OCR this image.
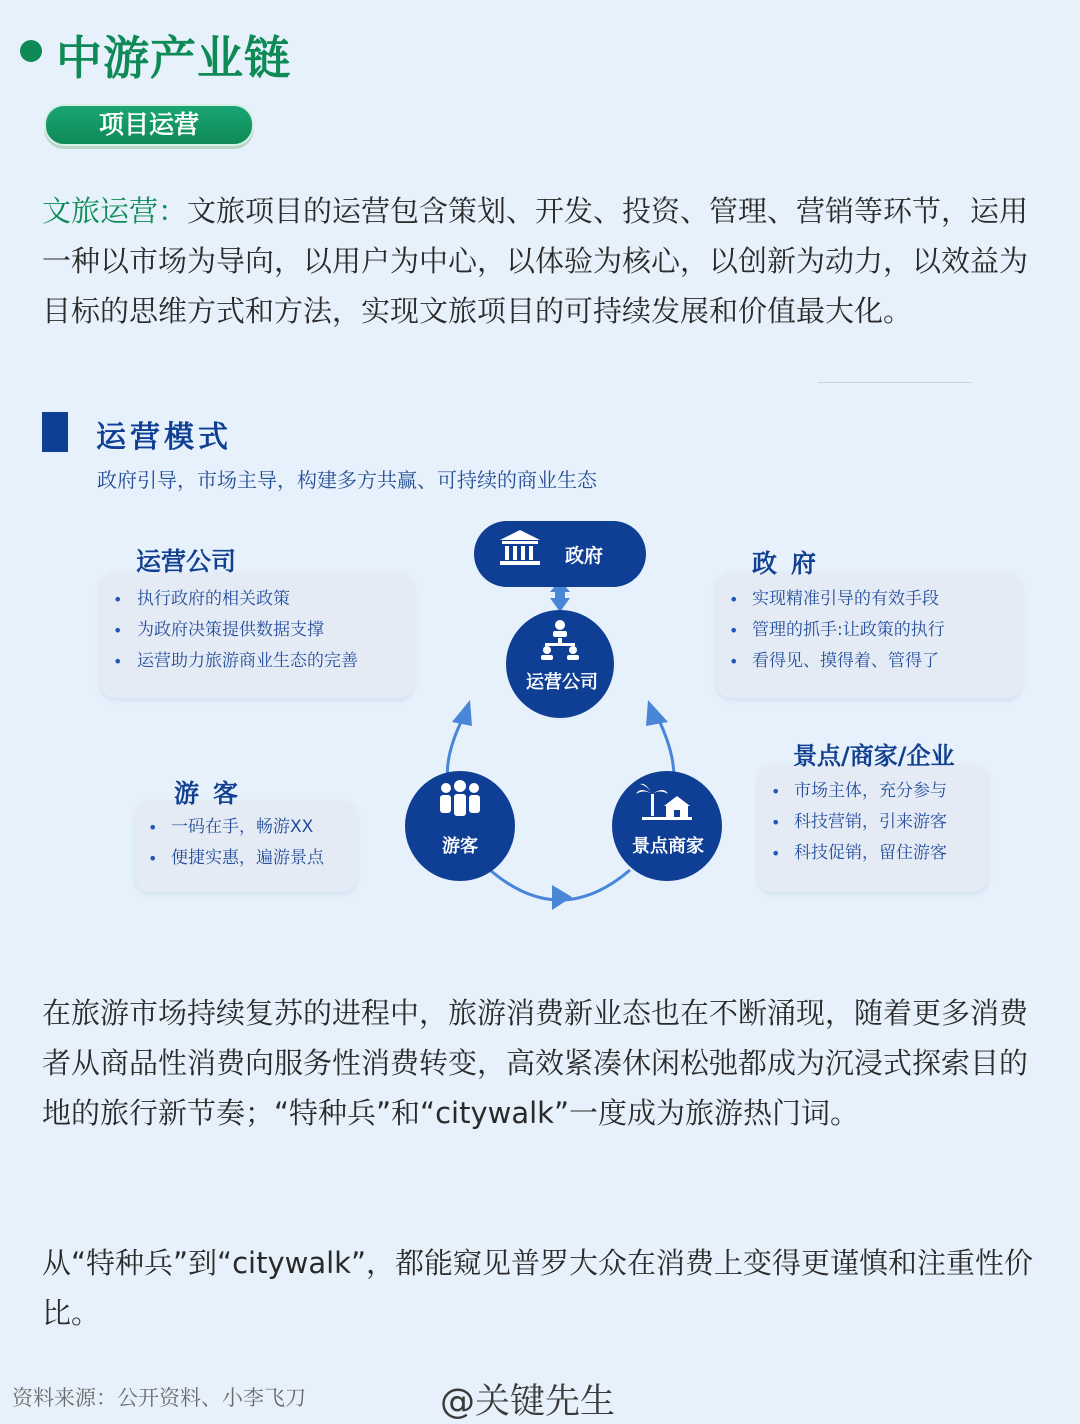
中游产业链
项目运营
文旅运营：文旅项目的运营包含策划、开发、投资、管理、营销等环节，运用一种以市场为导向，以用户为中心，以体验为核心，以创新为动力，以效益为目标的思维方式和方法，实现文旅项目的可持续发展和价值最大化。
运营模式
政府引导，市场主导，构建多方共赢、可持续的商业生态
• 执行政府的相关政策
• 为政府决策提供数据支撑
• 运营助力旅游商业生态的完善
运营公司
• 实现精准引导的有效手段
• 管理的抓手:让政策的执行
• 看得见、摸得着、管得了
政府
• 一码在手，畅游XX
• 便捷实惠，遍游景点
游客
•	市场主体，充分参与
• 科技营销，引来游客
• 科技促销，留住游客
景点/商家/企业
政府
运营公司
游客	景点商家
在旅游市场持续复苏的进程中，旅游消费新业态也在不断涌现，随着更多消费者从商品性消费向服务性消费转变，高效紧凑休闲松弛都成为沉浸式探索目的地的旅行新节奏；“特种兵”和“citywalk”一度成为旅游热门词。
从“特种兵”到“citywalk”，都能窥见普罗大众在消费上变得更谨慎和注重性价比。
资料来源：公开资料、小李飞刀	@关键先生
